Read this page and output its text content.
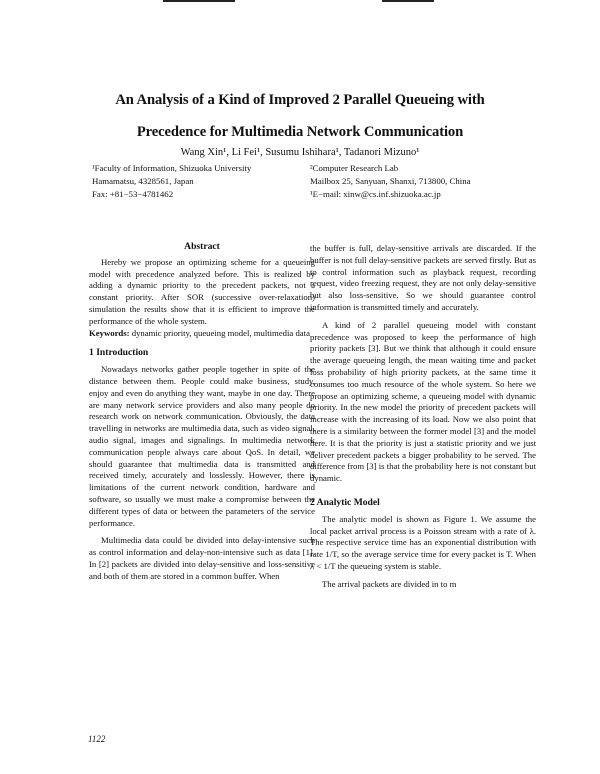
An Analysis of a Kind of Improved 2 Parallel Queueing with
Precedence for Multimedia Network Communication
Wang Xin¹, Li Fei¹, Susumu Ishihara¹, Tadanori Mizuno¹
¹Faculty of Information, Shizuoka University
Hamamatsu, 4328561, Japan
Fax: +81−53−4781462
²Computer Research Lab
Mailbox 25, Sanyuan, Shanxi, 713800, China
¹E−mail: xinw@cs.inf.shizuoka.ac.jp
Abstract

Hereby we propose an optimizing scheme for a queueing model with precedence analyzed before. This is realized by adding a dynamic priority to the precedent packets, not a constant priority. After SOR (successive over-relaxation) simulation the results show that it is efficient to improve the performance of the whole system.

Keywords: dynamic priority, queueing model, multimedia data

1 Introduction

Nowadays networks gather people together in spite of the distance between them. People could make business, study, enjoy and even do anything they want, maybe in one day. There are many network service providers and also many people do research work on network communication. Obviously, the data travelling in networks are multimedia data, such as video signal, audio signal, images and signalings. In multimedia network communication people always care about QoS. In detail, we should guarantee that multimedia data is transmitted and received timely, accurately and losslessly. However, there is limitations of the current network condition, hardware and software, so usually we must make a compromise between the different types of data or between the parameters of the service performance.

Multimedia data could be divided into delay-intensive such as control information and delay-non-intensive such as data [1]. In [2] packets are divided into delay-sensitive and loss-sensitive and both of them are stored in a common buffer. When

the buffer is full, delay-sensitive arrivals are discarded. If the buffer is not full delay-sensitive packets are served firstly. But as to control information such as playback request, recording request, video freezing request, they are not only delay-sensitive but also loss-sensitive. So we should guarantee control information is transmitted timely and accurately.

A kind of 2 parallel queueing model with constant precedence was proposed to keep the performance of high priority packets [3]. But we think that although it could ensure the average queueing length, the mean waiting time and packet loss probability of high priority packets, at the same time it consumes too much resource of the whole system. So here we propose an optimizing scheme, a queueing model with dynamic priority. In the new model the priority of precedent packets will increase with the increasing of its load. Now we also point that there is a similarity between the former model [3] and the model here. It is that the priority is just a statistic priority and we just deliver precedent packets a bigger probability to be served. The difference from [3] is that the probability here is not constant but dynamic.

2 Analytic Model

The analytic model is shown as Figure 1. We assume the local packet arrival process is a Poisson stream with a rate of λ. The respective service time has an exponential distribution with rate 1/T, so the average service time for every packet is T. When λ < 1/T the queueing system is stable.

The arrival packets are divided in to m

1122
